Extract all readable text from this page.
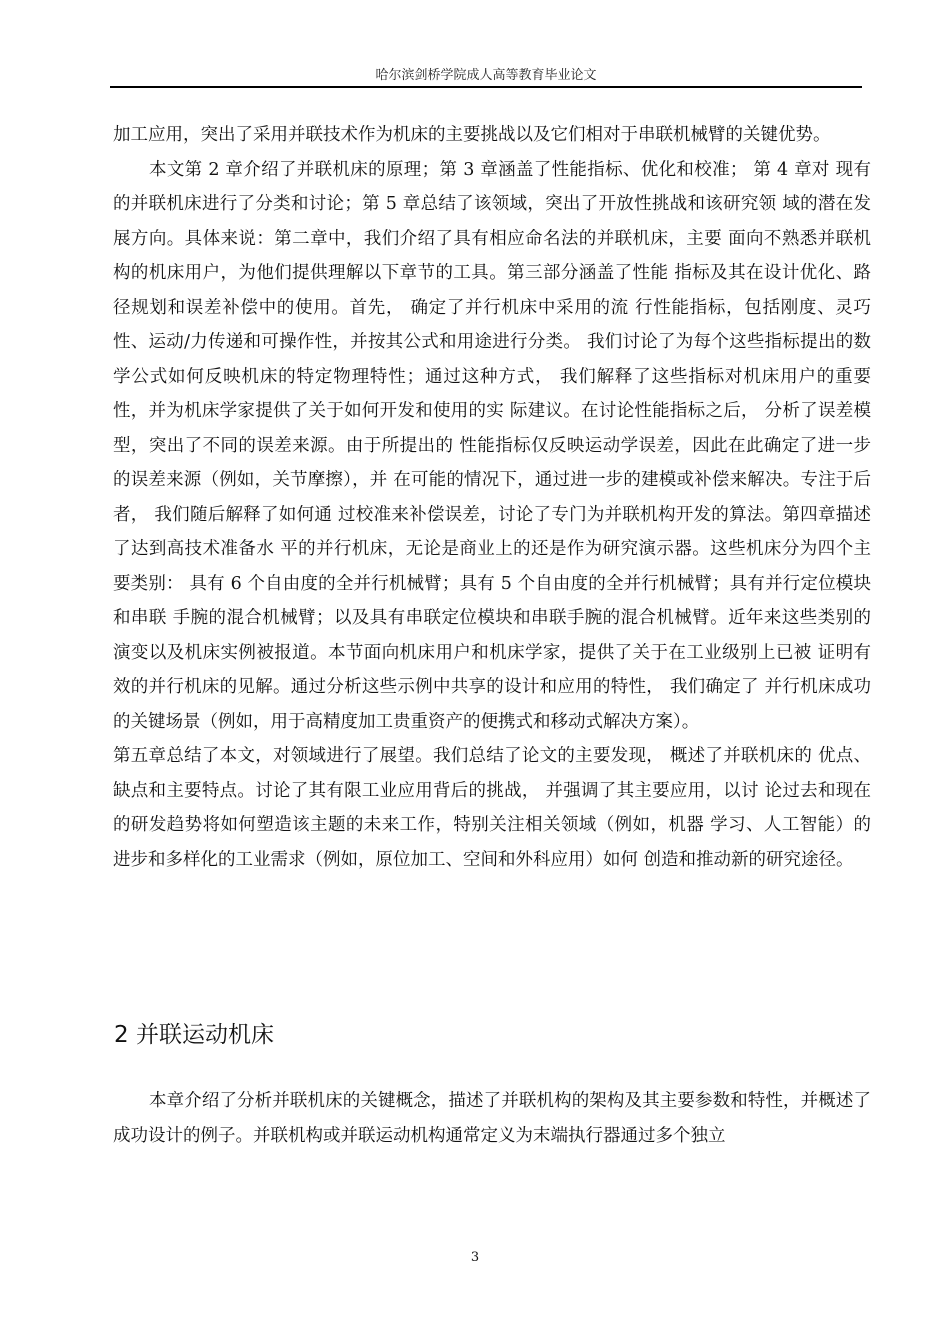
哈尔滨剑桥学院成人高等教育毕业论文

加工应用，突出了采用并联技术作为机床的主要挑战以及它们相对于串联机械臂的关键优势。

本文第 2 章介绍了并联机床的原理；第 3 章涵盖了性能指标、优化和校准； 第 4 章对 现有的并联机床进行了分类和讨论；第 5 章总结了该领域，突出了开放性挑战和该研究领 域的潜在发展方向。具体来说：第二章中，我们介绍了具有相应命名法的并联机床，主要 面向不熟悉并联机构的机床用户，为他们提供理解以下章节的工具。第三部分涵盖了性能 指标及其在设计优化、路径规划和误差补偿中的使用。首先， 确定了并行机床中采用的流 行性能指标，包括刚度、灵巧性、运动/力传递和可操作性，并按其公式和用途进行分类。 我们讨论了为每个这些指标提出的数学公式如何反映机床的特定物理特性；通过这种方式， 我们解释了这些指标对机床用户的重要性，并为机床学家提供了关于如何开发和使用的实 际建议。在讨论性能指标之后， 分析了误差模型，突出了不同的误差来源。由于所提出的 性能指标仅反映运动学误差，因此在此确定了进一步的误差来源（例如，关节摩擦），并 在可能的情况下，通过进一步的建模或补偿来解决。专注于后者， 我们随后解释了如何通 过校准来补偿误差，讨论了专门为并联机构开发的算法。第四章描述了达到高技术准备水 平的并行机床，无论是商业上的还是作为研究演示器。这些机床分为四个主要类别： 具有 6 个自由度的全并行机械臂；具有 5 个自由度的全并行机械臂；具有并行定位模块和串联 手腕的混合机械臂；以及具有串联定位模块和串联手腕的混合机械臂。近年来这些类别的 演变以及机床实例被报道。本节面向机床用户和机床学家，提供了关于在工业级别上已被 证明有效的并行机床的见解。通过分析这些示例中共享的设计和应用的特性， 我们确定了 并行机床成功的关键场景（例如，用于高精度加工贵重资产的便携式和移动式解决方案）。

第五章总结了本文，对领域进行了展望。我们总结了论文的主要发现， 概述了并联机床的 优点、缺点和主要特点。讨论了其有限工业应用背后的挑战， 并强调了其主要应用，以讨 论过去和现在的研发趋势将如何塑造该主题的未来工作，特别关注相关领域（例如，机器 学习、人工智能）的进步和多样化的工业需求（例如，原位加工、空间和外科应用）如何 创造和推动新的研究途径。

2 并联运动机床

本章介绍了分析并联机床的关键概念，描述了并联机构的架构及其主要参数和特性，并概述了成功设计的例子。并联机构或并联运动机构通常定义为末端执行器通过多个独立

3
